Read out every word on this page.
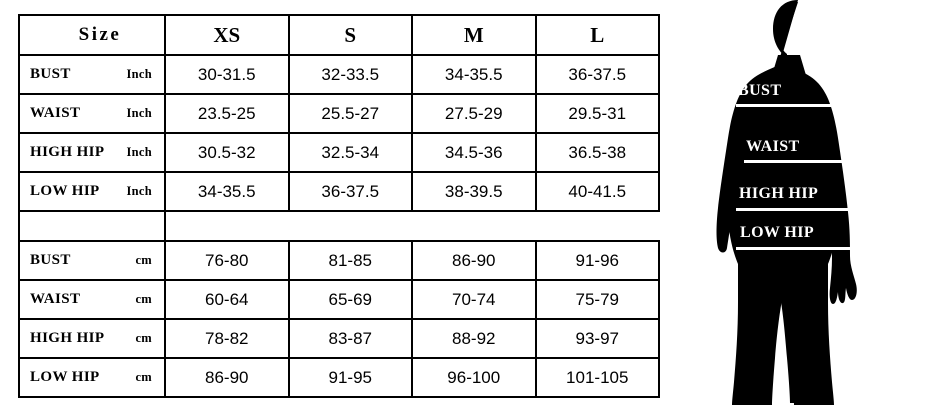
Size	XS	S	M	L

BUST Inch	30-31.5	32-33.5	34-35.5	36-37.5

WAIST Inch	23.5-25	25.5-27	27.5-29	29.5-31

HIGH HIP Inch	30.5-32	32.5-34	34.5-36	36.5-38

LOW HIP Inch	34-35.5	36-37.5	38-39.5	40-41.5

BUST cm	76-80	81-85	86-90	91-96

WAIST cm	60-64	65-69	70-74	75-79

HIGH HIP cm	78-82	83-87	88-92	93-97

LOW HIP cm	86-90	91-95	96-100	101-105
BUST
WAIST
HIGH HIP
LOW HIP
